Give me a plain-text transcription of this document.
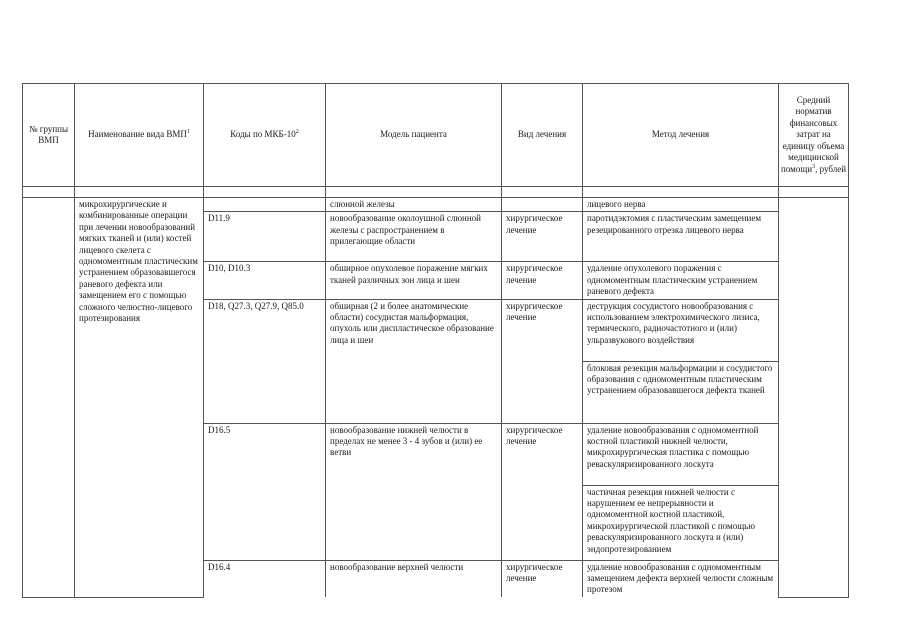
№ группы ВМП	Наименование вида ВМП$^1$	Коды по МКБ-$10^2$	Модель пациента	Вид лечения	Метод лечения	Средний норматив финансовых затрат на единицу объема медицинской помощи$^3$, рублей

	микрохирургические и комбинированные операции при лечении новообразований мягких тканей и (или) костей лицевого скелета с одномоментным пластическим устранением образовавшегося раневого дефекта или замещением его с помощью сложного челюстно-лицевого протезирования		слюнной железы		лицевого нерва	
		D11.9	новообразование околоушной слюнной железы с распространением в прилегающие области	хирургическое лечение	паротидэктомия с пластическим замещением резецированного отрезка лицевого нерва	
		D10, D10.3	обширное опухолевое поражение мягких тканей различных зон лица и шеи	хирургическое лечение	удаление опухолевого поражения с одномоментным пластическим устранением раневого дефекта	
		D18, Q27.3, Q27.9, Q85.0	обширная (2 и более анатомические области) сосудистая мальформация, опухоль или диспластическое образование лица и шеи	хирургическое лечение	деструкция сосудистого новообразования с использованием электрохимического лизиса, термического, радиочастотного и (или) ульразвукового воздействия	
					блоковая резекция мальформации и сосудистого образования с одномоментным пластическим устранением образовавшегося дефекта тканей	
		D16.5	новообразование нижней челюсти в пределах не менее 3 - 4 зубов и (или) ее ветви	хирургическое лечение	удаление новообразования с одномоментной костной пластикой нижней челюсти, микрохирургическая пластика с помощью реваскуляризированного лоскута	
					частичная резекция нижней челюсти с нарушением ее непрерывности и одномоментной костной пластикой, микрохирургической пластикой с помощью реваскуляризированного лоскута и (или) эндопротезированием	
		D16.4	новообразование верхней челюсти	хирургическое лечение	удаление новообразования с одномоментным замещением дефекта верхней челюсти сложным протезом	
